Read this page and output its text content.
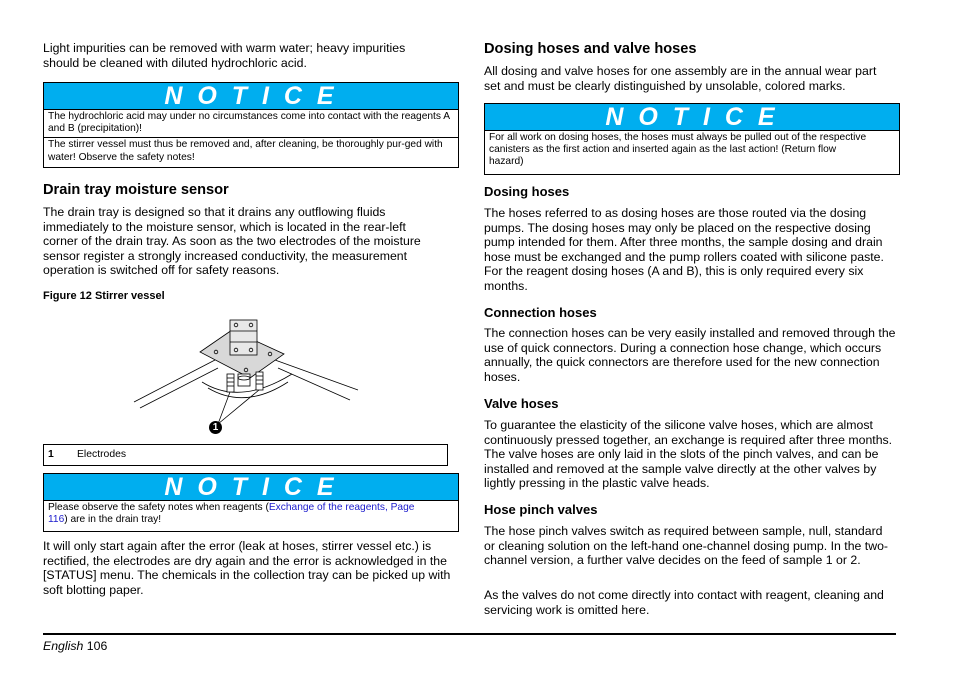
Light impurities can be removed with warm water; heavy impurities should be cleaned with diluted hydrochloric acid.

N O T I C E

The hydrochloric acid may under no circumstances come into contact with the reagents A and B (precipitation)!

The stirrer vessel must thus be removed and, after cleaning, be thoroughly pur-ged with water! Observe the safety notes!

Drain tray moisture sensor

The drain tray is designed so that it drains any outflowing fluids immediately to the moisture sensor, which is located in the rear-left corner of the drain tray. As soon as the two electrodes of the moisture sensor register a strongly increased conductivity, the measurement operation is switched off for safety reasons.

Figure 12 Stirrer vessel
1
1 Electrodes
N O T I C E

Please observe the safety notes when reagents (Exchange of the reagents, Page 116) are in the drain tray!

It will only start again after the error (leak at hoses, stirrer vessel etc.) is rectified, the electrodes are dry again and the error is acknowledged in the [STATUS] menu. The chemicals in the collection tray can be picked up with soft blotting paper.

Dosing hoses and valve hoses

All dosing and valve hoses for one assembly are in the annual wear part set and must be clearly distinguished by unsolable, colored marks.

N O T I C E

For all work on dosing hoses, the hoses must always be pulled out of the respective canisters as the first action and inserted again as the last action! (Return flow hazard)

Dosing hoses

The hoses referred to as dosing hoses are those routed via the dosing pumps. The dosing hoses may only be placed on the respective dosing pump intended for them. After three months, the sample dosing and drain hose must be exchanged and the pump rollers coated with silicone paste. For the reagent dosing hoses (A and B), this is only required every six months.

Connection hoses

The connection hoses can be very easily installed and removed through the use of quick connectors. During a connection hose change, which occurs annually, the quick connectors are therefore used for the new connection hoses.

Valve hoses

To guarantee the elasticity of the silicone valve hoses, which are almost continuously pressed together, an exchange is required after three months. The valve hoses are only laid in the slots of the pinch valves, and can be installed and removed at the sample valve directly at the other valves by lightly pressing in the plastic valve heads.

Hose pinch valves

The hose pinch valves switch as required between sample, null, standard or cleaning solution on the left-hand one-channel dosing pump. In the two-channel version, a further valve decides on the feed of sample 1 or 2.

As the valves do not come directly into contact with reagent, cleaning and servicing work is omitted here.

English 106
